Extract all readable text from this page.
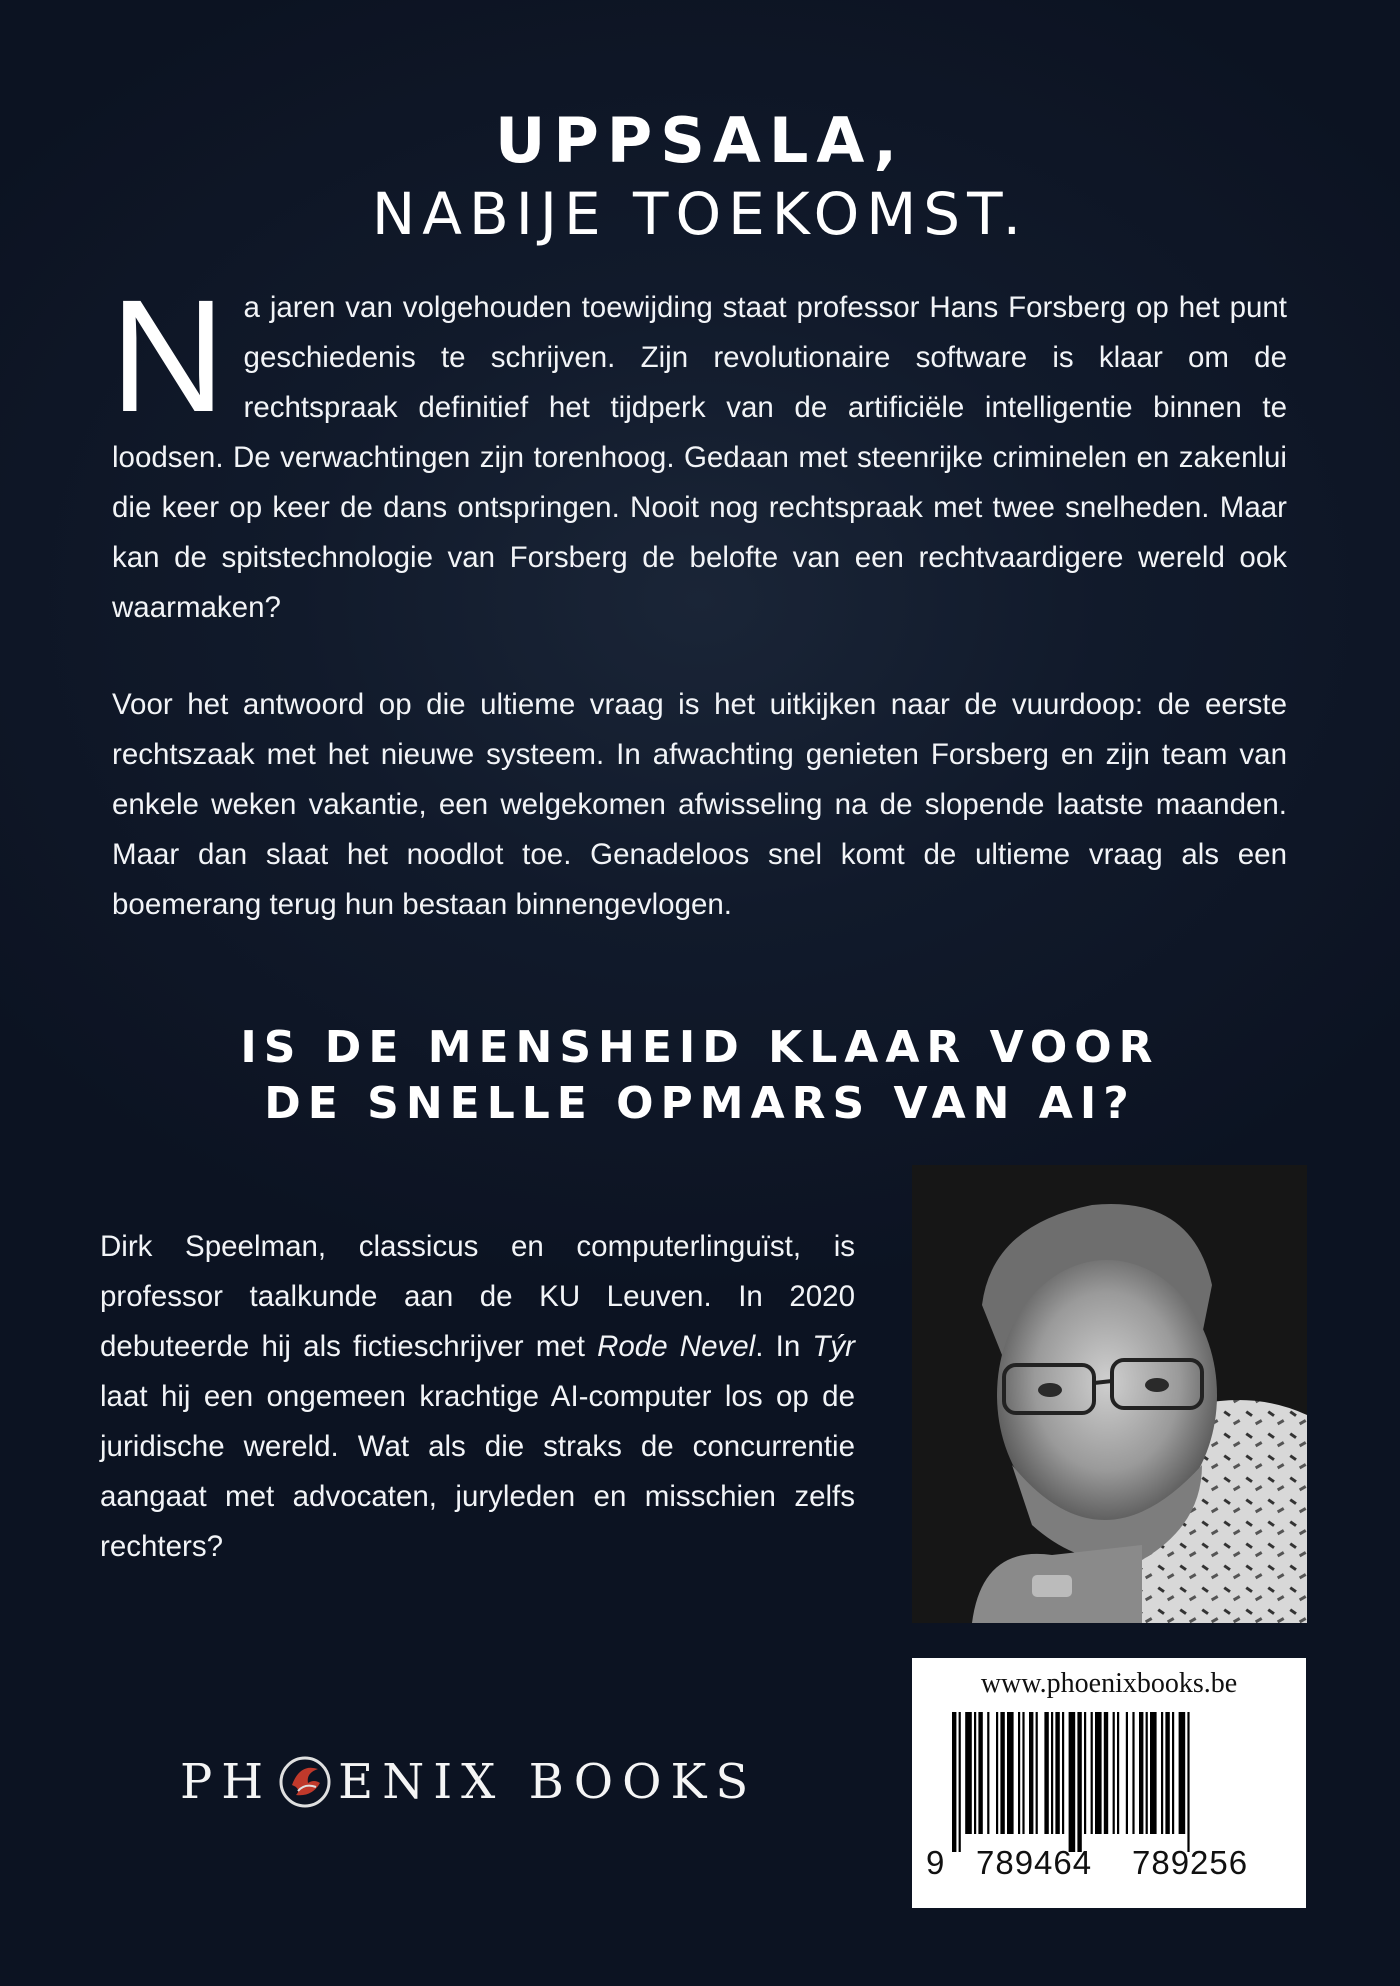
UPPSALA,
NABIJE TOEKOMST.
Na jaren van volgehouden toewijding staat professor Hans Forsberg op het punt geschiedenis te schrijven. Zijn revolutionaire software is klaar om de rechtspraak definitief het tijdperk van de artificiële intelligentie binnen te loodsen. De verwachtingen zijn torenhoog. Gedaan met steenrijke criminelen en zakenlui die keer op keer de dans ontspringen. Nooit nog rechtspraak met twee snelheden. Maar kan de spitstechnologie van Forsberg de belofte van een rechtvaardigere wereld ook waarmaken?
Voor het antwoord op die ultieme vraag is het uitkijken naar de vuurdoop: de eerste rechtszaak met het nieuwe systeem. In afwachting genieten Forsberg en zijn team van enkele weken vakantie, een welgekomen afwisseling na de slopende laatste maanden. Maar dan slaat het noodlot toe. Genadeloos snel komt de ultieme vraag als een boemerang terug hun bestaan binnengevlogen.
IS DE MENSHEID KLAAR VOOR
DE SNELLE OPMARS VAN AI?
Dirk Speelman, classicus en computerlinguïst, is professor taalkunde aan de KU Leuven. In 2020 debuteerde hij als fictieschrijver met Rode Nevel. In Týr laat hij een ongemeen krachtige AI-computer los op de juridische wereld. Wat als die straks de concurrentie aangaat met advocaten, juryleden en misschien zelfs rechters?
PH ENIX BOOKS
www.phoenixbooks.be
9 789464 789256
